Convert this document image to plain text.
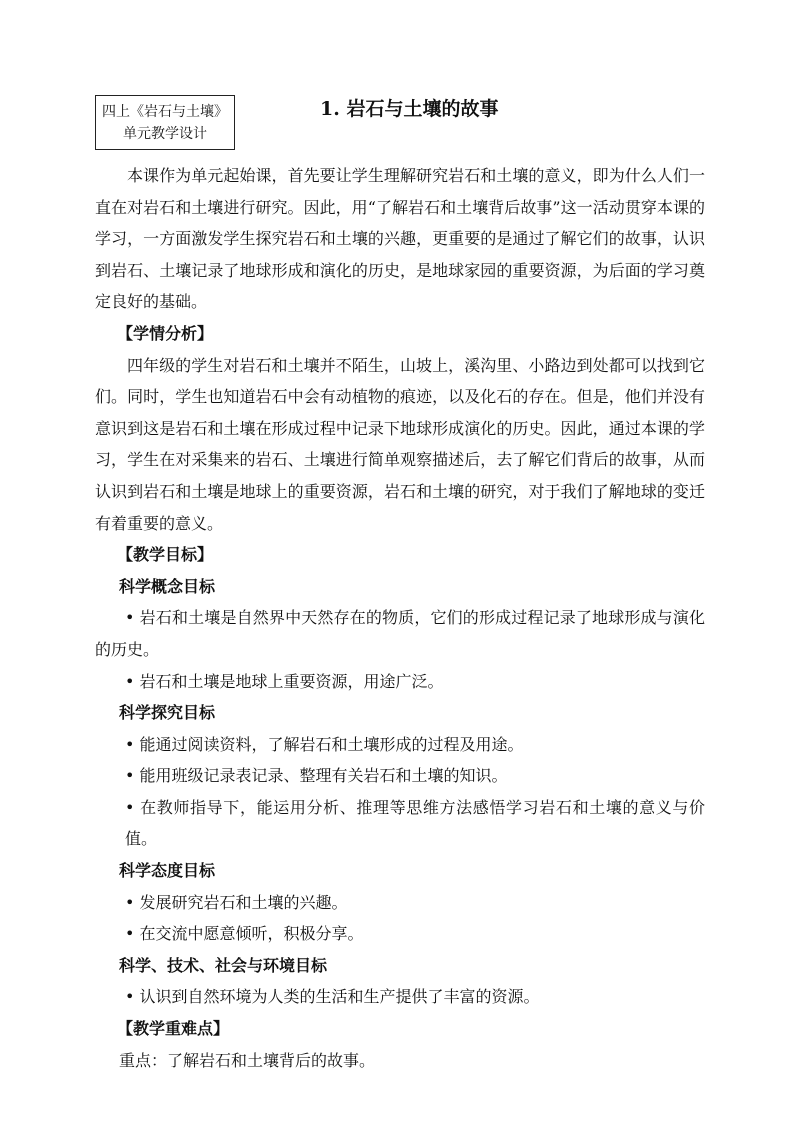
四上《岩石与土壤》
单元教学设计
1. 岩石与土壤的故事

本课作为单元起始课，首先要让学生理解研究岩石和土壤的意义，即为什么人们一直在对岩石和土壤进行研究。因此，用“了解岩石和土壤背后故事”这一活动贯穿本课的学习，一方面激发学生探究岩石和土壤的兴趣，更重要的是通过了解它们的故事，认识到岩石、土壤记录了地球形成和演化的历史，是地球家园的重要资源，为后面的学习奠定良好的基础。

【学情分析】

四年级的学生对岩石和土壤并不陌生，山坡上，溪沟里、小路边到处都可以找到它们。同时，学生也知道岩石中会有动植物的痕迹，以及化石的存在。但是，他们并没有意识到这是岩石和土壤在形成过程中记录下地球形成演化的历史。因此，通过本课的学习，学生在对采集来的岩石、土壤进行简单观察描述后，去了解它们背后的故事，从而认识到岩石和土壤是地球上的重要资源，岩石和土壤的研究，对于我们了解地球的变迁有着重要的意义。

【教学目标】

科学概念目标

• 岩石和土壤是自然界中天然存在的物质，它们的形成过程记录了地球形成与演化的历史。

• 岩石和土壤是地球上重要资源，用途广泛。

科学探究目标

• 能通过阅读资料，了解岩石和土壤形成的过程及用途。

• 能用班级记录表记录、整理有关岩石和土壤的知识。

• 在教师指导下，能运用分析、推理等思维方法感悟学习岩石和土壤的意义与价值。

科学态度目标

• 发展研究岩石和土壤的兴趣。

• 在交流中愿意倾听，积极分享。

科学、技术、社会与环境目标

• 认识到自然环境为人类的生活和生产提供了丰富的资源。

【教学重难点】

重点：了解岩石和土壤背后的故事。
